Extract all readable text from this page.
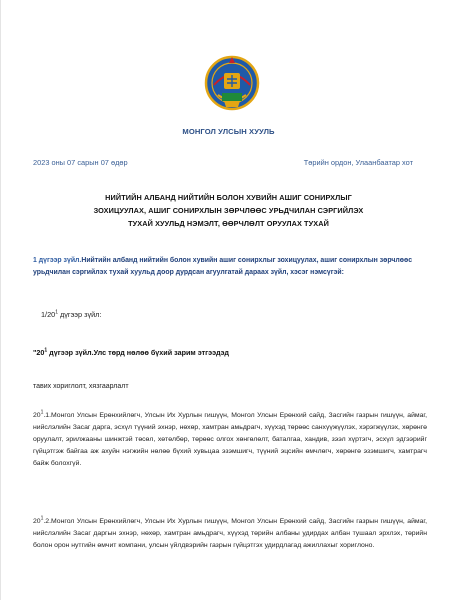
МОНГОЛ УЛСЫН ХУУЛЬ
2023 оны 07 сарын 07 өдөр	Төрийн ордон, Улаанбаатар хот
НИЙТИЙН АЛБАНД НИЙТИЙН БОЛОН ХУВИЙН АШИГ СОНИРХЛЫГ
ЗОХИЦУУЛАХ, АШИГ СОНИРХЛЫН ЗӨРЧЛӨӨС УРЬДЧИЛАН СЭРГИЙЛЭХ
ТУХАЙ ХУУЛЬД НЭМЭЛТ, ӨӨРЧЛӨЛТ ОРУУЛАХ ТУХАЙ
1 дүгээр зүйл.Нийтийн албанд нийтийн болон хувийн ашиг сонирхлыг зохицуулах, ашиг сонирхлын зөрчлөөс урьдчилан сэргийлэх тухай хуульд доор дурдсан агуулгатай дараах зүйл, хэсэг нэмсүгэй:
$1/20^1$ дүгээр зүйл:
"$20^1$ дүгээр зүйл.Улс төрд нөлөө бүхий зарим этгээдэд
тавих хориглолт, хязгаарлалт
$20^1.1.Монгол$ Улсын Ерөнхийлөгч, Улсын Их Хурлын гишүүн, Монгол Улсын Ерөнхий сайд, Засгийн газрын гишүүн, аймаг, нийслэлийн Засаг дарга, эсхүл түүний эхнэр, нөхөр, хамтран амьдрагч, хүүхэд төрөөс санхүүжүүлэх, хэрэгжүүлэх, хөрөнгө оруулалт, эрилжааны шинжтэй төсөл, хөтөлбөр, төрөөс олгох хөнгөлөлт, баталгаа, хандив, зээл хүртэгч, эсхүл эдгээрийг гүйцэтгэж байгаа аж ахуйн нэгжийн нөлөө бүхий хувьцаа эзэмшигч, түүний эцсийн өмчлөгч, хөрөнгө эзэмшигч, хамтрагч байж болохгүй.
$20^1.2.Монгол$ Улсын Ерөнхийлөгч, Улсын Их Хурлын гишүүн, Монгол Улсын Ерөнхий сайд, Засгийн газрын гишүүн, аймаг, нийслэлийн Засаг даргын эхнэр, нөхөр, хамтран амьдрагч, хүүхэд төрийн албаны удирдах албан тушаал эрхлэх, төрийн болон орон нутгийн өмчит компани, улсын үйлдвэрийн газрын гүйцэтгэх удирдлагад ажиллахыг хориглоно.
